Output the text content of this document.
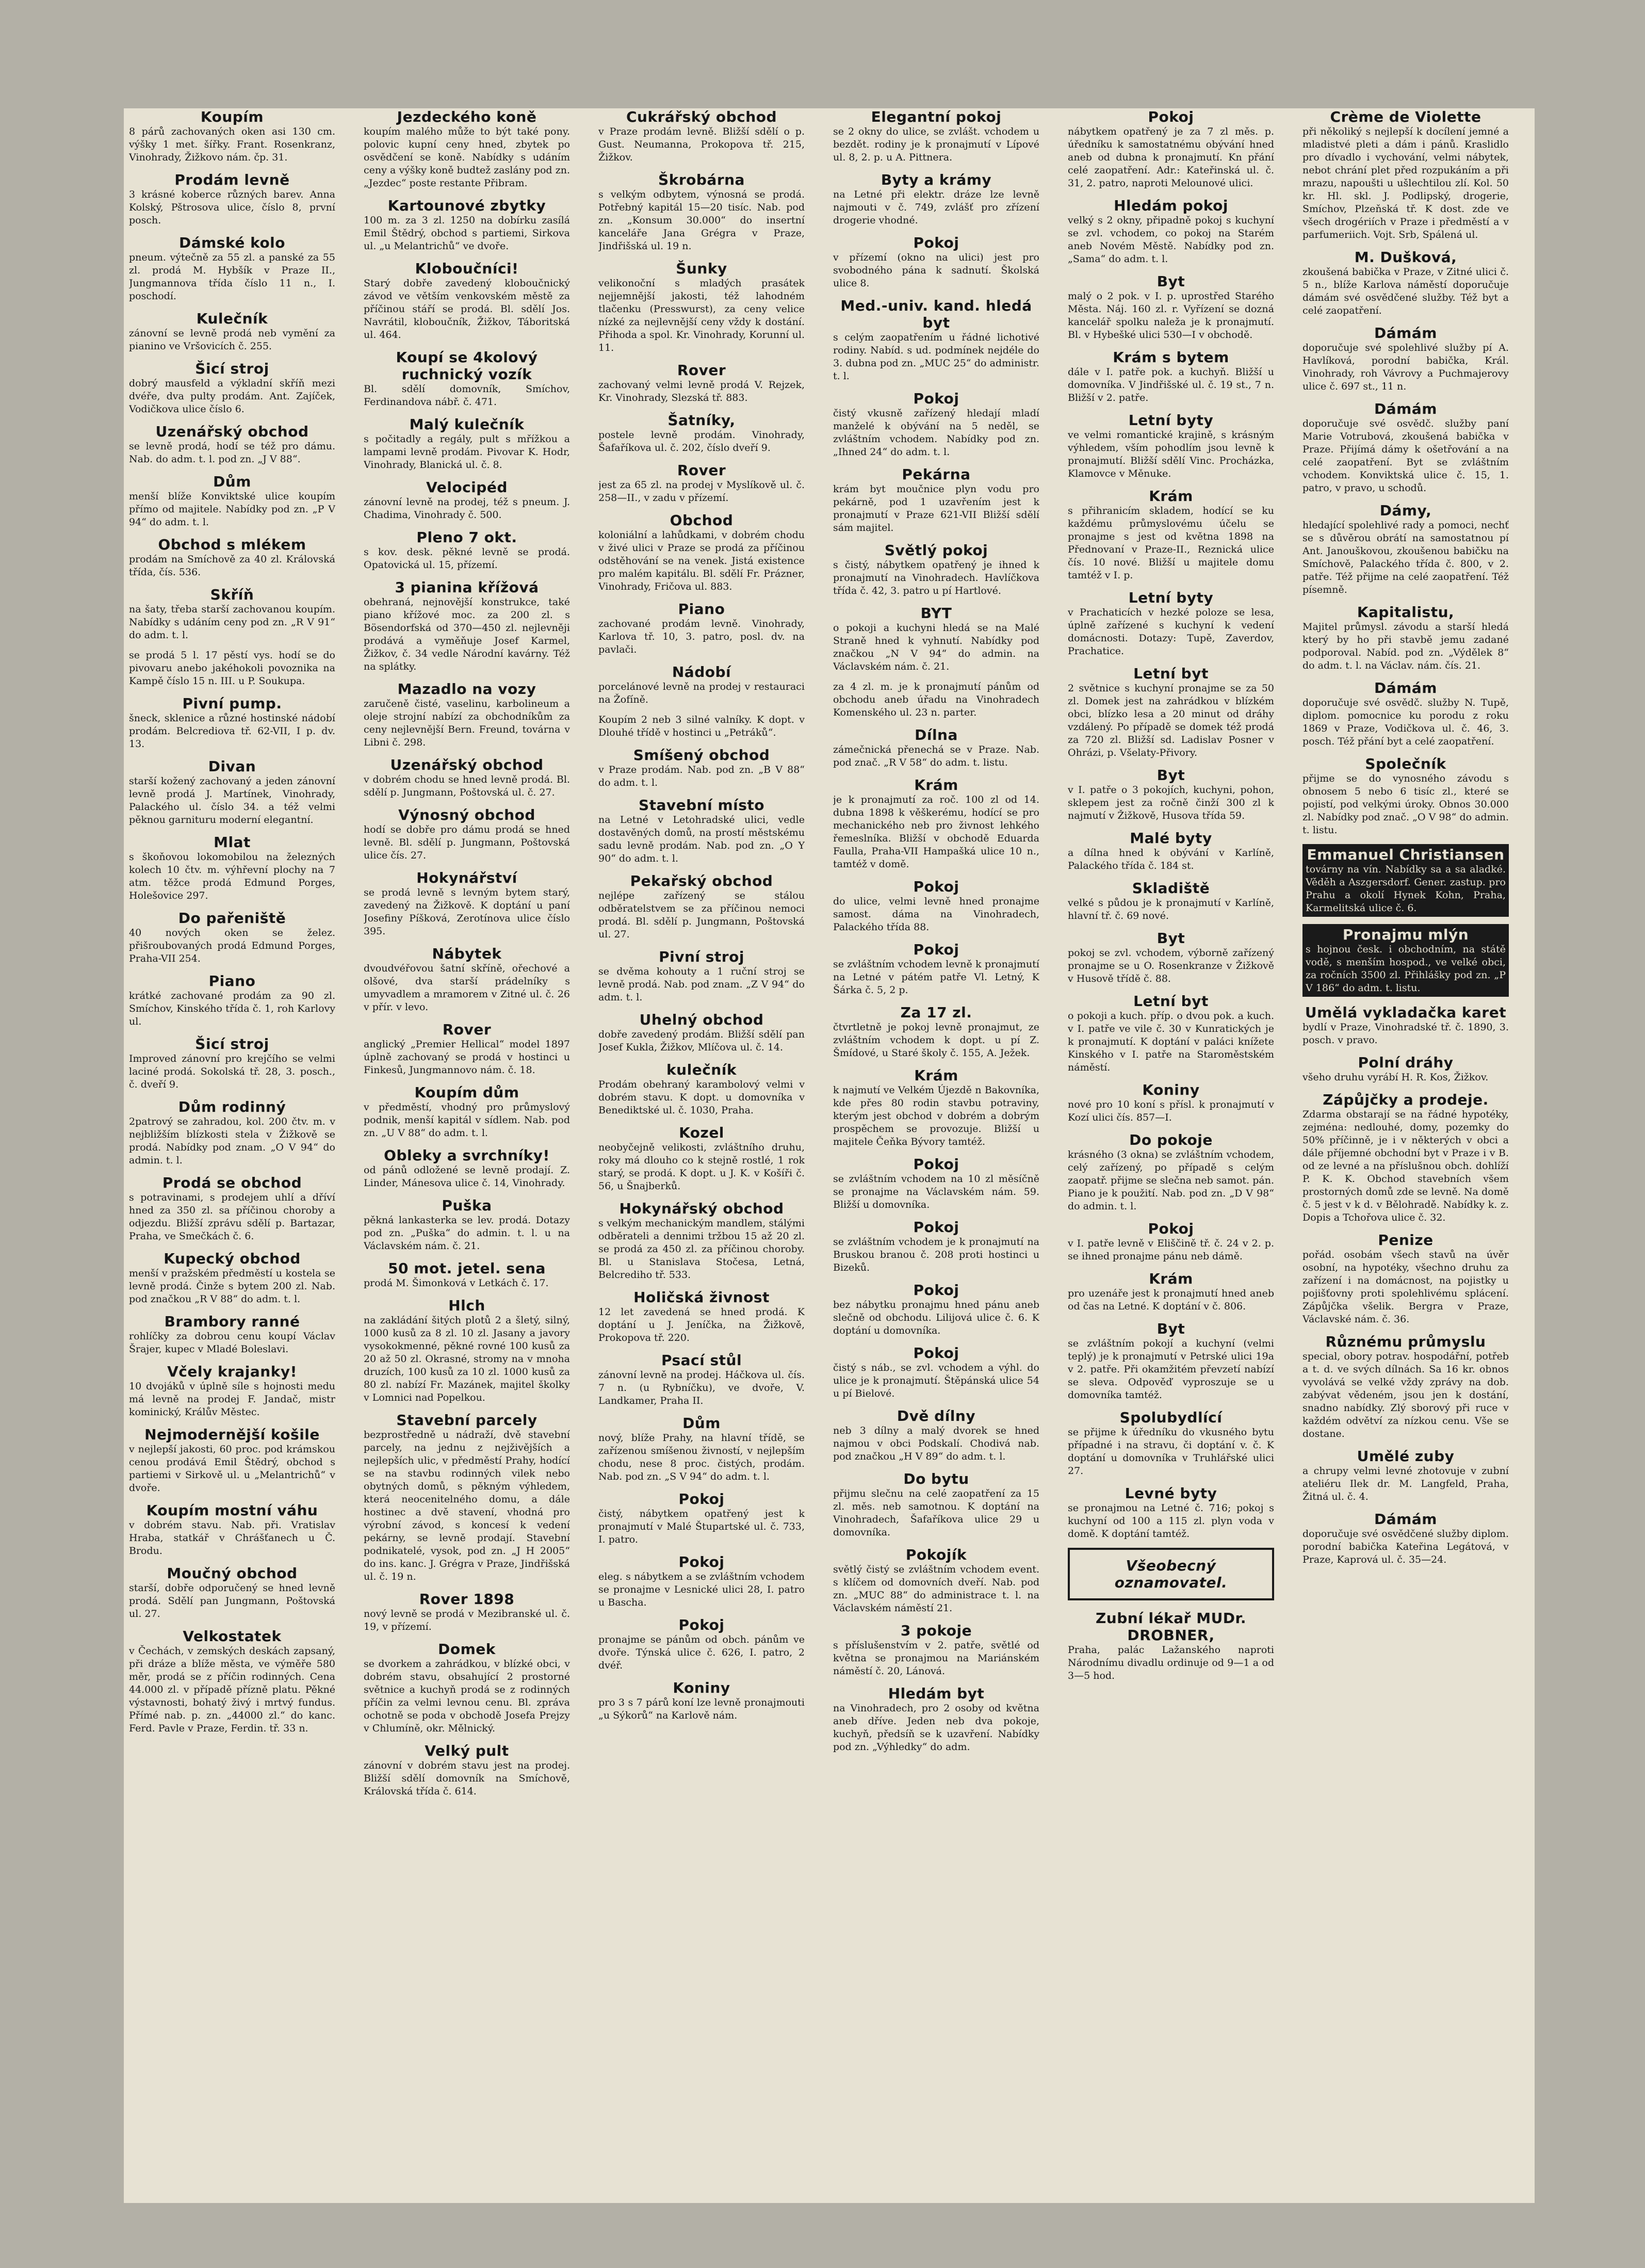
Koupím

8 párů zachovaných oken asi 130 cm. výšky 1 met. šířky. Frant. Rosenkranz, Vinohrady, Žižkovo nám. čp. 31.

Prodám levně

3 krásné koberce různých barev. Anna Kolský, Pštrosova ulice, číslo 8, první posch.

Dámské kolo

pneum. výtečně za 55 zl. a panské za 55 zl. prodá M. Hybšík v Praze II., Jungmannova třída číslo 11 n., I. poschodí.

Kulečník

zánovní se levně prodá neb vymění za pianino ve Vršovicích č. 255.

Šicí stroj

dobrý mausfeld a výkladní skříň mezi dvéře, dva pulty prodám. Ant. Zajíček, Vodičkova ulice číslo 6.

Uzenářský obchod

se levně prodá, hodí se též pro dámu. Nab. do adm. t. l. pod zn. „J V 88“.

Dům

menší blíže Konviktské ulice koupím přímo od majitele. Nabídky pod zn. „P V 94“ do adm. t. l.

Obchod s mlékem

prodám na Smíchově za 40 zl. Královská třída, čís. 536.

Skříň

na šaty, třeba starší zachovanou koupím. Nabídky s udáním ceny pod zn. „R V 91“ do adm. t. l.

se prodá 5 l. 17 pěstí vys. hodí se do pivovaru anebo jakéhokoli povoznika na Kampě číslo 15 n. III. u P. Soukupa.

Pivní pump.

šneck, sklenice a různé hostinské nádobí prodám. Belcrediova tř. 62-VII, I p. dv. 13.

Divan

starší kožený zachovaný a jeden zánovní levně prodá J. Martínek, Vinohrady, Palackého ul. číslo 34. a též velmi pěknou garnituru moderní elegantní.

Mlat

s škoňovou lokomobilou na železných kolech 10 čtv. m. výhřevní plochy na 7 atm. těžce prodá Edmund Porges, Holešovice 297.

Do pařeniště

40 nových oken se želez. přišroubovaných prodá Edmund Porges, Praha-VII 254.

Piano

krátké zachované prodám za 90 zl. Smíchov, Kinského třída č. 1, roh Karlovy ul.

Šicí stroj

Improved zánovní pro krejčího se velmi laciné prodá. Sokolská tř. 28, 3. posch., č. dveří 9.

Dům rodinný

2patrový se zahradou, kol. 200 čtv. m. v nejbližším blízkosti stela v Žižkově se prodá. Nabídky pod znam. „O V 94“ do admin. t. l.

Prodá se obchod

s potravinami, s prodejem uhlí a dříví hned za 350 zl. sa příčinou choroby a odjezdu. Bližší zprávu sdělí p. Bartazar, Praha, ve Smečkách č. 6.

Kupecký obchod

menší v pražském předměstí u kostela se levně prodá. Činže s bytem 200 zl. Nab. pod značkou „R V 88“ do adm. t. l.

Brambory ranné

rohlíčky za dobrou cenu koupí Václav Šrajer, kupec v Mladé Boleslavi.

Včely krajanky!

10 dvojáků v úplně síle s hojnosti medu má levně na prodej F. Jandač, mistr kominický, Králův Městec.

Nejmodernější košile

v nejlepší jakosti, 60 proc. pod krámskou cenou prodává Emil Štědrý, obchod s partiemi v Sirkově ul. u „Melantrichů“ v dvoře.

Koupím mostní váhu

v dobrém stavu. Nab. při. Vratislav Hraba, statkář v Chrášťanech u Č. Brodu.

Moučný obchod

starší, dobře odporučený se hned levně prodá. Sdělí pan Jungmann, Poštovská ul. 27.

Velkostatek

v Čechách, v zemských deskách zapsaný, při dráze a blíže města, ve výměře 580 měr, prodá se z příčin rodinných. Cena 44.000 zl. v případě přízně platu. Pěkné výstavnosti, bohatý živý i mrtvý fundus. Přímé nab. p. zn. „44000 zl.“ do kanc. Ferd. Pavle v Praze, Ferdin. tř. 33 n.

Jezdeckého koně

koupím malého může to být také pony. polovic kupní ceny hned, zbytek po osvědčení se koně. Nabídky s udáním ceny a výšky koně budtež zaslány pod zn. „Jezdec“ poste restante Přibram.

Kartounové zbytky

100 m. za 3 zl. 1250 na dobírku zasílá Emil Štědrý, obchod s partiemi, Sirkova ul. „u Melantrichů“ ve dvoře.

Kloboučníci!

Starý dobře zavedený kloboučnický závod ve větším venkovském městě za příčinou stáří se prodá. Bl. sdělí Jos. Navrátil, kloboučník, Žižkov, Táboritská ul. 464.

Koupí se 4kolový ruchnický vozík

Bl. sdělí domovník, Smíchov, Ferdinandova nábř. č. 471.

Malý kulečník

s počitadly a regály, pult s mřížkou a lampami levně prodám. Pivovar K. Hodr, Vinohrady, Blanická ul. č. 8.

Velocipéd

zánovní levně na prodej, též s pneum. J. Chadima, Vinohrady č. 500.

Pleno 7 okt.

s kov. desk. pěkné levně se prodá. Opatovická ul. 15, přízemí.

3 pianina křížová

obehraná, nejnovější konstrukce, také piano křížové moc. za 200 zl. s Bösendorfská od 370—450 zl. nejlevněji prodává a vyměňuje Josef Karmel, Žižkov, č. 34 vedle Národní kavárny. Též na splátky.

Mazadlo na vozy

zaručeně čisté, vaselinu, karbolineum a oleje strojní nabízí za obchodníkům za ceny nejlevnější Bern. Freund, továrna v Libni č. 298.

Uzenářský obchod

v dobrém chodu se hned levně prodá. Bl. sdělí p. Jungmann, Poštovská ul. č. 27.

Výnosný obchod

hodí se dobře pro dámu prodá se hned levně. Bl. sdělí p. Jungmann, Poštovská ulice čís. 27.

Hokynářství

se prodá levně s levným bytem starý, zavedený na Žižkově. K doptání u paní Josefiny Píšková, Zerotínova ulice číslo 395.

Nábytek

dvoudvéřovou šatní skříně, ořechové a olšové, dva starší prádelníky s umyvadlem a mramorem v Zitné ul. č. 26 v přír. v levo.

Rover

anglický „Premier Hellical“ model 1897 úplně zachovaný se prodá v hostinci u Finkesů, Jungmannovo nám. č. 18.

Koupím dům

v předměstí, vhodný pro průmyslový podnik, menší kapitál v sídlem. Nab. pod zn. „U V 88“ do adm. t. l.

Obleky a svrchníky!

od pánů odložené se levně prodají. Z. Linder, Mánesova ulice č. 14, Vinohrady.

Puška

pěkná lankasterka se lev. prodá. Dotazy pod zn. „Puška“ do admin. t. l. u na Václavském nám. č. 21.

50 mot. jetel. sena

prodá M. Šimonková v Letkách č. 17.

Hlch

na zakládání šitých plotů 2 a šletý, silný, 1000 kusů za 8 zl. 10 zl. Jasany a javory vysokokmenné, pěkné rovné 100 kusů za 20 až 50 zl. Okrasné, stromy na v mnoha druzích, 100 kusů za 10 zl. 1000 kusů za 80 zl. nabízí Fr. Mazánek, majitel školky v Lomnici nad Popelkou.

Stavební parcely

bezprostředně u nádraží, dvě stavební parcely, na jednu z nejživějších a nejlepších ulic, v předměstí Prahy, hodící se na stavbu rodinných vilek nebo obytných domů, s pěkným výhledem, která neocenitelného domu, a dále hostinec a dvě stavení, vhodná pro výrobní závod, s koncesí k vedení pekárny, se levně prodají. Stavební podnikatelé, vysok, pod zn. „J H 2005“ do ins. kanc. J. Grégra v Praze, Jindřišská ul. č. 19 n.

Rover 1898

nový levně se prodá v Mezibranské ul. č. 19, v přízemí.

Domek

se dvorkem a zahrádkou, v blízké obci, v dobrém stavu, obsahující 2 prostorné světnice a kuchyň prodá se z rodinných příčin za velmi levnou cenu. Bl. zpráva ochotně se poda v obchodě Josefa Prejzy v Chlumíně, okr. Mělnický.

Velký pult

zánovní v dobrém stavu jest na prodej. Bližší sdělí domovník na Smíchově, Královská třída č. 614.

Cukrářský obchod

v Praze prodám levně. Bližší sdělí o p. Gust. Neumanna, Prokopova tř. 215, Žižkov.

Škrobárna

s velkým odbytem, výnosná se prodá. Potřebný kapitál 15—20 tisíc. Nab. pod zn. „Konsum 30.000“ do insertní kanceláře Jana Grégra v Praze, Jindřišská ul. 19 n.

Šunky

velikonoční s mladých prasátek nejjemnější jakosti, též lahodném tlačenku (Presswurst), za ceny velice nízké za nejlevnější ceny vždy k dostání. Přihoda a spol. Kr. Vinohrady, Korunní ul. 11.

Rover

zachovaný velmi levně prodá V. Rejzek, Kr. Vinohrady, Slezská tř. 883.

Šatníky,

postele levně prodám. Vinohrady, Šafaříkova ul. č. 202, číslo dveří 9.

Rover

jest za 65 zl. na prodej v Myslíkově ul. č. 258—II., v zadu v přízemí.

Obchod

koloniální a lahůdkami, v dobrém chodu v živé ulici v Praze se prodá za příčinou odstěhování se na venek. Jistá existence pro malém kapitálu. Bl. sdělí Fr. Prázner, Vinohrady, Fričova ul. 883.

Piano

zachované prodám levně. Vinohrady, Karlova tř. 10, 3. patro, posl. dv. na pavlači.

Nádobí

porcelánové levně na prodej v restauraci na Žofíně.

Koupím 2 neb 3 silné valníky. K dopt. v Dlouhé třídě v hostinci u „Petráků“.

Smíšený obchod

v Praze prodám. Nab. pod zn. „B V 88“ do adm. t. l.

Stavební místo

na Letné v Letohradské ulici, vedle dostavěných domů, na prostí městskému sadu levně prodám. Nab. pod zn. „O Y 90“ do adm. t. l.

Pekařský obchod

nejlépe zařízený se stálou odběratelstvem se za příčinou nemoci prodá. Bl. sdělí p. Jungmann, Poštovská ul. 27.

Pivní stroj

se dvěma kohouty a 1 ruční stroj se levně prodá. Nab. pod znam. „Z V 94“ do adm. t. l.

Uhelný obchod

dobře zavedený prodám. Bližší sdělí pan Josef Kukla, Žižkov, Mlíčova ul. č. 14.

kulečník

Prodám obehraný karambolový velmi v dobrém stavu. K dopt. u domovníka v Benediktské ul. č. 1030, Praha.

Kozel

neobyčejně velikosti, zvláštního druhu, roky má dlouho co k stejně rostlé, 1 rok starý, se prodá. K dopt. u J. K. v Košíři č. 56, u Šnajberků.

Hokynářský obchod

s velkým mechanickým mandlem, stálými odběrateli a dennimi tržbou 15 až 20 zl. se prodá za 450 zl. za příčinou choroby. Bl. u Stanislava Stočesa, Letná, Belcrediho tř. 533.

Holičská živnost

12 let zavedená se hned prodá. K doptání u J. Jeníčka, na Žižkově, Prokopova tř. 220.

Psací stůl

zánovní levně na prodej. Háčkova ul. čís. 7 n. (u Rybníčku), ve dvoře, V. Landkamer, Praha II.

Dům

nový, blíže Prahy, na hlavní třídě, se zařízenou smíšenou živností, v nejlepším chodu, nese 8 proc. čistých, prodám. Nab. pod zn. „S V 94“ do adm. t. l.

Pokoj

čistý, nábytkem opatřený jest k pronajmutí v Malé Štupartské ul. č. 733, I. patro.

Pokoj

eleg. s nábytkem a se zvláštním vchodem se pronajme v Lesnické ulici 28, I. patro u Bascha.

Pokoj

pronajme se pánům od obch. pánům ve dvoře. Týnská ulice č. 626, I. patro, 2 dvéř.

Koniny

pro 3 s 7 párů koní lze levně pronajmouti „u Sýkorů“ na Karlově nám.

Elegantní pokoj

se 2 okny do ulice, se zvlášt. vchodem u bezdět. rodiny je k pronajmutí v Lípové ul. 8, 2. p. u A. Pittnera.

Byty a krámy

na Letné při elektr. dráze lze levně najmouti v č. 749, zvlášť pro zřízení drogerie vhodné.

Pokoj

v přízemí (okno na ulici) jest pro svobodného pána k sadnutí. Školská ulice 8.

Med.-univ. kand. hledá byt

s celým zaopatřením u řádné lichotivé rodiny. Nabíd. s ud. podmínek nejdéle do 3. dubna pod zn. „MUC 25“ do administr. t. l.

Pokoj

čistý vkusně zařízený hledají mladí manželé k obývání na 5 neděl, se zvláštním vchodem. Nabídky pod zn. „Ihned 24“ do adm. t. l.

Pekárna

krám byt moučnice plyn vodu pro pekárně, pod 1 uzavřením jest k pronajmutí v Praze 621-VII Bližší sdělí sám majitel.

Světlý pokoj

s čistý, nábytkem opatřený je ihned k pronajmutí na Vinohradech. Havlíčkova třída č. 42, 3. patro u pí Hartlové.

BYT

o pokoji a kuchyni hledá se na Malé Straně hned k vyhnutí. Nabídky pod značkou „N V 94“ do admin. na Václavském nám. č. 21.

za 4 zl. m. je k pronajmutí pánům od obchodu aneb úřadu na Vinohradech Komenského ul. 23 n. parter.

Dílna

zámečnická přenechá se v Praze. Nab. pod znač. „R V 58“ do adm. t. listu.

Krám

je k pronajmutí za roč. 100 zl od 14. dubna 1898 k věškerému, hodící se pro mechanického neb pro živnost lehkého řemeslníka. Bližší v obchodě Eduarda Faulla, Praha-VII Hampašká ulice 10 n., tamtéž v domě.

Pokoj

do ulice, velmi levně hned pronajme samost. dáma na Vinohradech, Palackého třída 88.

Pokoj

se zvláštním vchodem levně k pronajmutí na Letné v pátém patře Vl. Letný, K Šárka č. 5, 2 p.

Za 17 zl.

čtvrtletně je pokoj levně pronajmut, ze zvláštním vchodem k dopt. u pí Z. Šmídové, u Staré školy č. 155, A. Ježek.

Krám

k najmutí ve Velkém Újezdě n Bakovníka, kde přes 80 rodin stavbu potraviny, kterým jest obchod v dobrém a dobrým prospěchem se provozuje. Bližší u majitele Čeňka Bývory tamtéž.

Pokoj

se zvláštním vchodem na 10 zl měsíčně se pronajme na Václavském nám. 59. Bližší u domovníka.

Pokoj

se zvláštním vchodem je k pronajmutí na Bruskou branou č. 208 proti hostinci u Bizeků.

Pokoj

bez nábytku pronajmu hned pánu aneb slečně od obchodu. Lilijová ulice č. 6. K doptání u domovníka.

Pokoj

čistý s náb., se zvl. vchodem a výhl. do ulice je k pronajmutí. Štěpánská ulice 54 u pí Bielové.

Dvě dílny

neb 3 dílny a malý dvorek se hned najmou v obci Podskalí. Chodivá nab. pod značkou „H V 89“ do adm. t. l.

Do bytu

přijmu slečnu na celé zaopatření za 15 zl. měs. neb samotnou. K doptání na Vinohradech, Šafaříkova ulice 29 u domovníka.

Pokojík

světlý čistý se zvláštním vchodem event. s klíčem od domovních dveří. Nab. pod zn. „MUC 88“ do administrace t. l. na Václavském náměstí 21.

3 pokoje

s příslušenstvím v 2. patře, světlé od května se pronajmou na Mariánském náměstí č. 20, Lánová.

Hledám byt

na Vinohradech, pro 2 osoby od května aneb dříve. Jeden neb dva pokoje, kuchyň, předsíň se k uzavření. Nabídky pod zn. „Výhledky“ do adm.

Pokoj

nábytkem opatřený je za 7 zl měs. p. úředníku k samostatnému obývání hned aneb od dubna k pronajmutí. Kn přání celé zaopatření. Adr.: Kateřinská ul. č. 31, 2. patro, naproti Melounové ulici.

Hledám pokoj

velký s 2 okny, připadně pokoj s kuchyní se zvl. vchodem, co pokoj na Starém aneb Novém Městě. Nabídky pod zn. „Sama“ do adm. t. l.

Byt

malý o 2 pok. v I. p. uprostřed Starého Města. Náj. 160 zl. r. Vyřízení se dozná kancelář spolku naleža je k pronajmutí. Bl. v Hybešké ulici 530—I v obchodě.

Krám s bytem

dále v I. patře pok. a kuchyň. Bližší u domovníka. V Jindřišské ul. č. 19 st., 7 n. Bližší v 2. patře.

Letní byty

ve velmi romantické krajině, s krásným výhledem, vším pohodlím jsou levně k pronajmutí. Bližší sdělí Vinc. Procházka, Klamovce v Měnuke.

Krám

s přihranicím skladem, hodící se ku každému průmyslovému účelu se pronajme s jest od května 1898 na Přednovaní v Praze-II., Reznická ulice čís. 10 nové. Bližší u majitele domu tamtéž v I. p.

Letní byty

v Prachaticích v hezké poloze se lesa, úplně zařízené s kuchyní k vedení domácnosti. Dotazy: Tupě, Zaverdov, Prachatice.

Letní byt

2 světnice s kuchyní pronajme se za 50 zl. Domek jest na zahrádkou v blízkém obci, blízko lesa a 20 minut od dráhy vzdálený. Po případě se domek též prodá za 720 zl. Bližší sd. Ladislav Posner v Ohrázi, p. Všelaty-Přivory.

Byt

v I. patře o 3 pokojích, kuchyni, pohon, sklepem jest za ročně činží 300 zl k najmutí v Žižkově, Husova třída 59.

Malé byty

a dílna hned k obývání v Karlíně, Palackého třída č. 184 st.

Skladiště

velké s půdou je k pronajmutí v Karlíně, hlavní tř. č. 69 nové.

Byt

pokoj se zvl. vchodem, výborně zařízený pronajme se u O. Rosenkranze v Žižkově v Husově třídě č. 88.

Letní byt

o pokoji a kuch. příp. o dvou pok. a kuch. v I. patře ve vile č. 30 v Kunratických je k pronajmutí. K doptání v paláci knížete Kinského v I. patře na Staroměstském náměstí.

Koniny

nové pro 10 koní s přísl. k pronajmutí v Kozí ulici čís. 857—I.

Do pokoje

krásného (3 okna) se zvláštním vchodem, celý zařízený, po případě s celým zaopatř. přijme se slečna neb samot. pán. Piano je k použití. Nab. pod zn. „D V 98“ do admin. t. l.

Pokoj

v I. patře levně v Eliščině tř. č. 24 v 2. p. se ihned pronajme pánu neb dámě.

Krám

pro uzenáře jest k pronajmutí hned aneb od čas na Letné. K doptání v č. 806.

Byt

se zvláštním pokojí a kuchyní (velmi teplý) je k pronajmutí v Petrské ulici 19a v 2. patře. Při okamžitém převzetí nabízí se sleva. Odpověď vyproszuje se u domovníka tamtéž.

Spolubydlící

se přijme k úředníku do vkusného bytu případné i na stravu, či doptání v. č. K doptání u domovníka v Truhlářské ulici 27.

Levné byty

se pronajmou na Letné č. 716; pokoj s kuchyní od 100 a 115 zl. plyn voda v domě. K doptání tamtéž.

Všeobecný oznamovatel.
Zubní lékař MUDr. DROBNER,

Praha, palác Lažanského naproti Národnímu divadlu ordinuje od 9—1 a od 3—5 hod.

Crème de Violette

při několiký s nejlepší k docílení jemné a mladistvé pleti a dám i pánů. Kraslidlo pro dívadlo i vychování, velmi nábytek, nebot chrání plet před rozpukáním a při mrazu, napoušti u ušlechtilou zlí. Kol. 50 kr. Hl. skl. J. Podlipský, drogerie, Smíchov, Plzeňská tř. K dost. zde ve všech drogériích v Praze i předměstí a v parfumeriich. Vojt. Srb, Spálená ul.

M. Dušková,

zkoušená babička v Praze, v Zitné ulici č. 5 n., blíže Karlova náměstí doporučuje dámám své osvědčené služby. Též byt a celé zaopatření.

Dámám

doporučuje své spolehlivé služby pí A. Havlíková, porodní babička, Král. Vinohrady, roh Vávrovy a Puchmajerovy ulice č. 697 st., 11 n.

Dámám

doporučuje své osvědč. služby paní Marie Votrubová, zkoušená babička v Praze. Přijímá dámy k ošetřování a na celé zaopatření. Byt se zvláštním vchodem. Konviktská ulice č. 15, 1. patro, v pravo, u schodů.

Dámy,

hledající spolehlivé rady a pomoci, nechť se s důvěrou obrátí na samostatnou pí Ant. Janouškovou, zkoušenou babičku na Smíchově, Palackého třída č. 800, v 2. patře. Též přijme na celé zaopatření. Též písemně.

Kapitalistu,

Majitel průmysl. závodu a starší hledá který by ho při stavbě jemu zadané podporoval. Nabíd. pod zn. „Výdělek 8“ do adm. t. l. na Václav. nám. čís. 21.

Dámám

doporučuje své osvědč. služby N. Tupě, diplom. pomocnice ku porodu z roku 1869 v Praze, Vodičkova ul. č. 46, 3. posch. Též přání byt a celé zaopatření.

Společník

přijme se do vynosného závodu s obnosem 5 nebo 6 tisíc zl., které se pojistí, pod velkými úroky. Obnos 30.000 zl. Nabídky pod znač. „O V 98“ do admin. t. listu.

Emmanuel Christiansen

továrny na vín. Nabídky sa a sa aladké. Věděh a Aszgersdorf. Gener. zastup. pro Prahu a okolí Hynek Kohn, Praha, Karmelitská ulice č. 6.

Pronajmu mlýn

s hojnou česk. i obchodním, na státě vodě, s menším hospod., ve velké obci, za ročních 3500 zl. Přihlášky pod zn. „P V 186“ do adm. t. listu.

Umělá vykladačka karet

bydlí v Praze, Vinohradské tř. č. 1890, 3. posch. v pravo.

Polní dráhy

všeho druhu vyrábí H. R. Kos, Žižkov.

Zápůjčky a prodeje.

Zdarma obstarají se na řádné hypotéky, zejména: nedlouhé, domy, pozemky do 50% příčinně, je i v některých v obci a dále příjemné obchodní byt v Praze i v B. od ze levné a na příslušnou obch. dohlíží P. K. K. Obchod stavebních všem prostorných domů zde se levně. Na domě č. 5 jest v k d. v Bělohradě. Nabídky k. z. Dopis a Tchořova ulice č. 32.

Penize

pořád. osobám všech stavů na úvěr osobní, na hypotéky, všechno druhu za zařízení i na domácnost, na pojistky u pojišťovny proti spolehlivému splácení. Zápůjčka všelik. Bergra v Praze, Václavské nám. č. 36.

Různému průmyslu

special, obory potrav. hospodářní, potřeb a t. d. ve svých dílnách. Sa 16 kr. obnos vyvolává se velké vždy zprávy na dob. zabývat vědeném, jsou jen k dostání, snadno nabídky. Zlý sborový při ruce v každém odvětví za nízkou cenu. Vše se dostane.

Umělé zuby

a chrupy velmi levné zhotovuje v zubní ateliéru Ilek dr. M. Langfeld, Praha, Žitná ul. č. 4.

Dámám

doporučuje své osvědčené služby diplom. porodní babička Kateřina Legátová, v Praze, Kaprová ul. č. 35—24.
